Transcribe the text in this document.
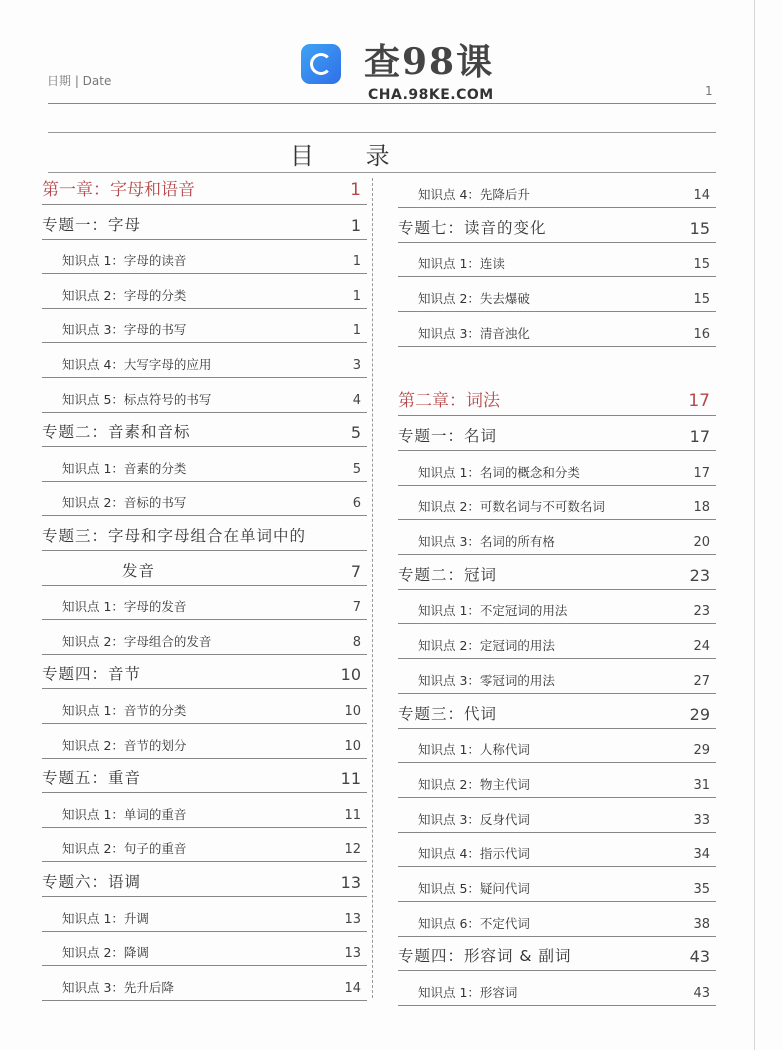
日期 | Date	查98课
CHA.98KE.COM	1
目 录
第一章：字母和语音	1
专题一：字母	1
知识点 1：字母的读音	1
知识点 2：字母的分类	1
知识点 3：字母的书写	1
知识点 4：大写字母的应用	3
知识点 5：标点符号的书写	4
专题二：音素和音标	5
知识点 1：音素的分类	5
知识点 2：音标的书写	6
专题三：字母和字母组合在单词中的
发音	7
知识点 1：字母的发音	7
知识点 2：字母组合的发音	8
专题四：音节	10
知识点 1：音节的分类	10
知识点 2：音节的划分	10
专题五：重音	11
知识点 1：单词的重音	11
知识点 2：句子的重音	12
专题六：语调	13
知识点 1：升调	13
知识点 2：降调	13
知识点 3：先升后降	14
知识点 4：先降后升	14
专题七：读音的变化	15
知识点 1：连读	15
知识点 2：失去爆破	15
知识点 3：清音浊化	16
第二章：词法	17
专题一：名词	17
知识点 1：名词的概念和分类	17
知识点 2：可数名词与不可数名词	18
知识点 3：名词的所有格	20
专题二：冠词	23
知识点 1：不定冠词的用法	23
知识点 2：定冠词的用法	24
知识点 3：零冠词的用法	27
专题三：代词	29
知识点 1：人称代词	29
知识点 2：物主代词	31
知识点 3：反身代词	33
知识点 4：指示代词	34
知识点 5：疑问代词	35
知识点 6：不定代词	38
专题四：形容词 & 副词	43
知识点 1：形容词	43
